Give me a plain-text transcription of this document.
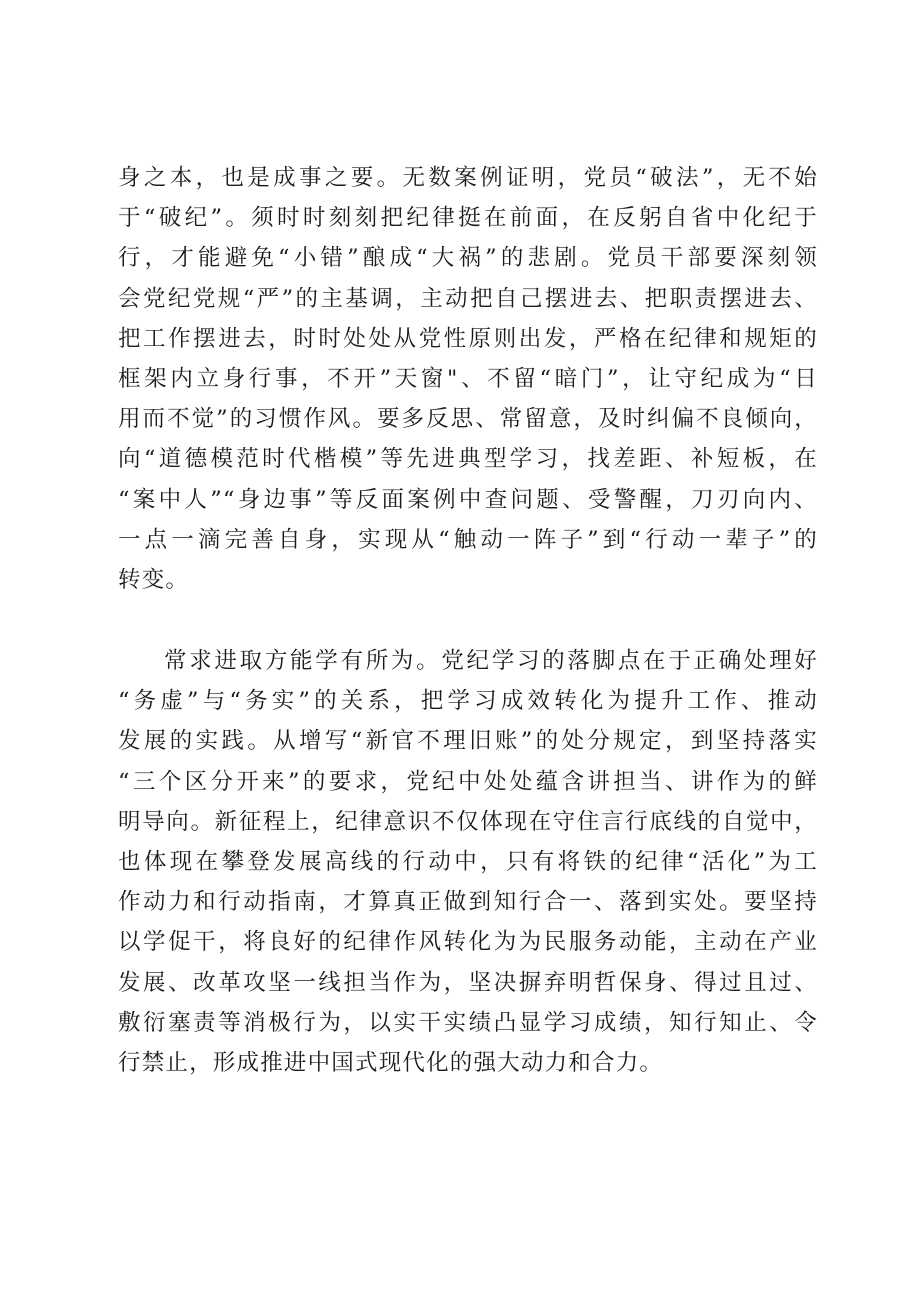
身之本，也是成事之要。无数案例证明，党员“破法”，无不始
于“破纪”。须时时刻刻把纪律挺在前面，在反躬自省中化纪于
行，才能避免“小错”酿成“大祸”的悲剧。党员干部要深刻领
会党纪党规“严”的主基调，主动把自己摆进去、把职责摆进去、
把工作摆进去，时时处处从党性原则出发，严格在纪律和规矩的
框架内立身行事，不开”天窗"、不留“暗门”，让守纪成为“日
用而不觉”的习惯作风。要多反思、常留意，及时纠偏不良倾向，
向“道德模范时代楷模”等先进典型学习，找差距、补短板，在
“案中人”“身边事”等反面案例中查问题、受警醒，刀刃向内、
一点一滴完善自身，实现从“触动一阵子”到“行动一辈子”的
转变。
常求进取方能学有所为。党纪学习的落脚点在于正确处理好
“务虚”与“务实”的关系，把学习成效转化为提升工作、推动
发展的实践。从增写“新官不理旧账”的处分规定，到坚持落实
“三个区分开来”的要求，党纪中处处蕴含讲担当、讲作为的鲜
明导向。新征程上，纪律意识不仅体现在守住言行底线的自觉中，
也体现在攀登发展高线的行动中，只有将铁的纪律“活化”为工
作动力和行动指南，才算真正做到知行合一、落到实处。要坚持
以学促干，将良好的纪律作风转化为为民服务动能，主动在产业
发展、改革攻坚一线担当作为，坚决摒弃明哲保身、得过且过、
敷衍塞责等消极行为，以实干实绩凸显学习成绩，知行知止、令
行禁止，形成推进中国式现代化的强大动力和合力。
